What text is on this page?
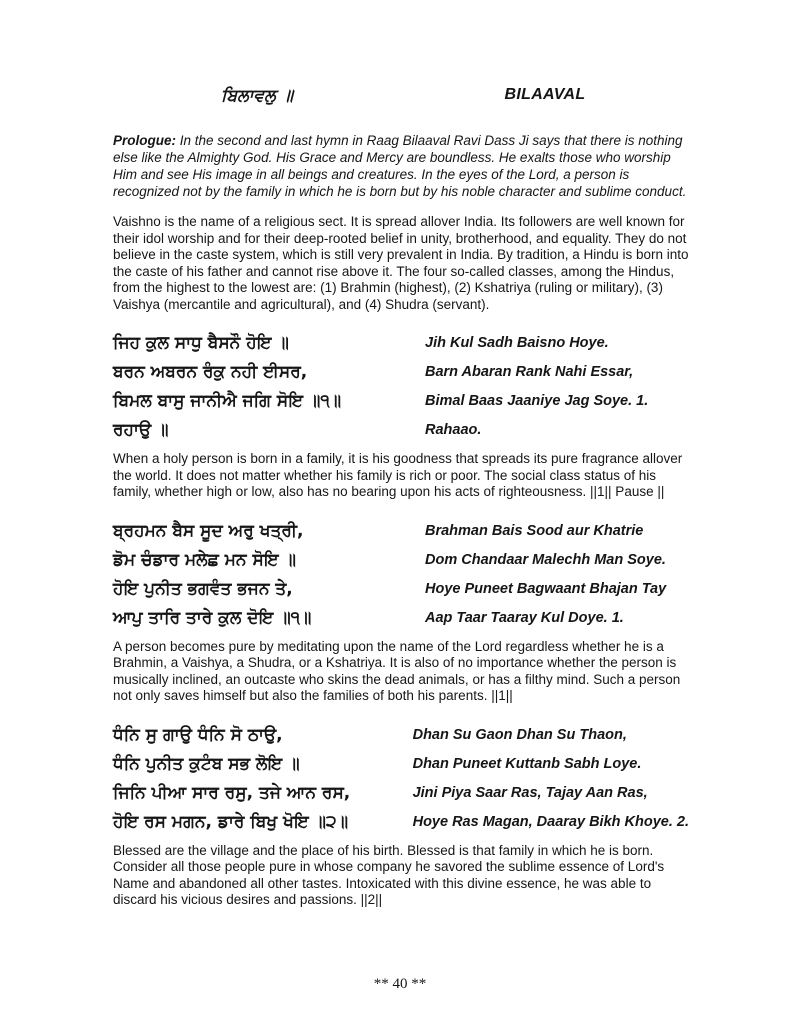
ਬਿਲਾਵਲੁ ॥	BILAAVAL

Prologue: In the second and last hymn in Raag Bilaaval Ravi Dass Ji says that there is nothing else like the Almighty God. His Grace and Mercy are boundless. He exalts those who worship Him and see His image in all beings and creatures. In the eyes of the Lord, a person is recognized not by the family in which he is born but by his noble character and sublime conduct.

Vaishno is the name of a religious sect. It is spread allover India. Its followers are well known for their idol worship and for their deep-rooted belief in unity, brotherhood, and equality. They do not believe in the caste system, which is still very prevalent in India. By tradition, a Hindu is born into the caste of his father and cannot rise above it. The four so-called classes, among the Hindus, from the highest to the lowest are: (1) Brahmin (highest), (2) Kshatriya (ruling or military), (3) Vaishya (mercantile and agricultural), and (4) Shudra (servant).

ਜਿਹ ਕੁਲ ਸਾਧੁ ਬੈਸਨੌ ਹੋਇ ॥
ਬਰਨ ਅਬਰਨ ਰੰਕੁ ਨਹੀ ਈਸਰ,
ਬਿਮਲ ਬਾਸੁ ਜਾਨੀਐ ਜਗਿ ਸੋਇ ॥੧॥
ਰਹਾਉ ॥
Jih Kul Sadh Baisno Hoye.
Barn Abaran Rank Nahi Essar,
Bimal Baas Jaaniye Jag Soye. 1.
Rahaao.

When a holy person is born in a family, it is his goodness that spreads its pure fragrance allover the world. It does not matter whether his family is rich or poor. The social class status of his family, whether high or low, also has no bearing upon his acts of righteousness. ||1|| Pause ||

ਬ੍ਰਹਮਨ ਬੈਸ ਸੂਦ ਅਰੁ ਖਤ੍ਰੀ,
ਡੋਮ ਚੰਡਾਰ ਮਲੇਛ ਮਨ ਸੋਇ ॥
ਹੋਇ ਪੁਨੀਤ ਭਗਵੰਤ ਭਜਨ ਤੇ,
ਆਪੁ ਤਾਰਿ ਤਾਰੇ ਕੁਲ ਦੋਇ ॥੧॥
Brahman Bais Sood aur Khatrie
Dom Chandaar Malechh Man Soye.
Hoye Puneet Bagwaant Bhajan Tay
Aap Taar Taaray Kul Doye. 1.

A person becomes pure by meditating upon the name of the Lord regardless whether he is a Brahmin, a Vaishya, a Shudra, or a Kshatriya. It is also of no importance whether the person is musically inclined, an outcaste who skins the dead animals, or has a filthy mind. Such a person not only saves himself but also the families of both his parents. ||1||

ਧੰਨਿ ਸੁ ਗਾਉ ਧੰਨਿ ਸੋ ਠਾਉ,
ਧੰਨਿ ਪੁਨੀਤ ਕੁਟੰਬ ਸਭ ਲੋਇ ॥
ਜਿਨਿ ਪੀਆ ਸਾਰ ਰਸੁ, ਤਜੇ ਆਨ ਰਸ,
ਹੋਇ ਰਸ ਮਗਨ, ਡਾਰੇ ਬਿਖੁ ਖੋਇ ॥੨॥
Dhan Su Gaon Dhan Su Thaon,
Dhan Puneet Kuttanb Sabh Loye.
Jini Piya Saar Ras, Tajay Aan Ras,
Hoye Ras Magan, Daaray Bikh Khoye. 2.

Blessed are the village and the place of his birth. Blessed is that family in which he is born. Consider all those people pure in whose company he savored the sublime essence of Lord's Name and abandoned all other tastes. Intoxicated with this divine essence, he was able to discard his vicious desires and passions. ||2||

** 40 **
